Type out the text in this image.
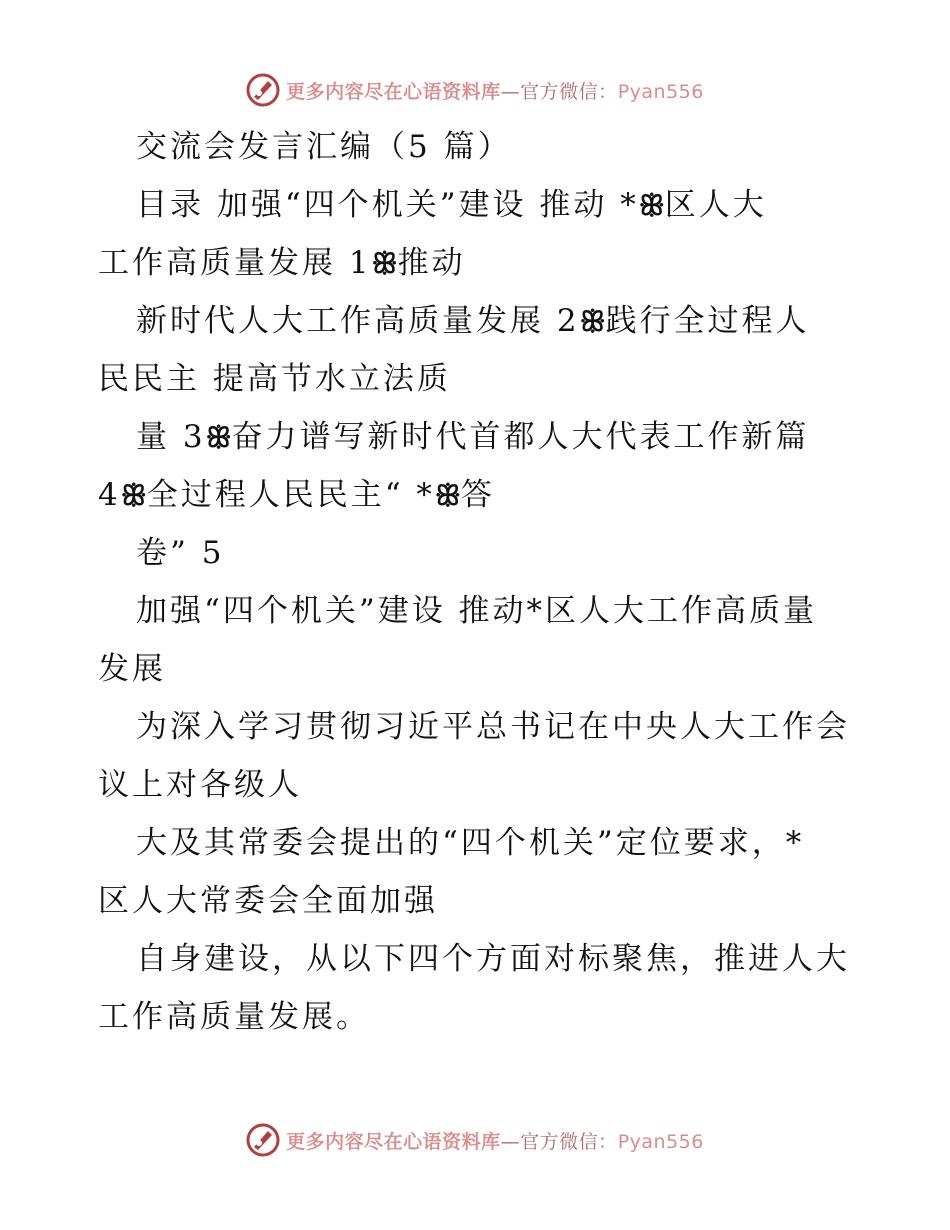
更多内容尽在心语资料库—官方微信：Pyan556
交流会发言汇编（5 篇）
目录 加强“四个机关”建设 推动 *ꕥ区人大
工作高质量发展 1ꕥ推动
新时代人大工作高质量发展 2ꕥ践行全过程人
民民主 提高节水立法质
量 3ꕥ奋力谱写新时代首都人大代表工作新篇
4ꕥ全过程人民民主“ *ꕥ答
卷” 5
加强“四个机关”建设 推动*区人大工作高质量
发展
为深入学习贯彻习近平总书记在中央人大工作会
议上对各级人
大及其常委会提出的“四个机关”定位要求，*
区人大常委会全面加强
自身建设，从以下四个方面对标聚焦，推进人大
工作高质量发展。
更多内容尽在心语资料库—官方微信：Pyan556
